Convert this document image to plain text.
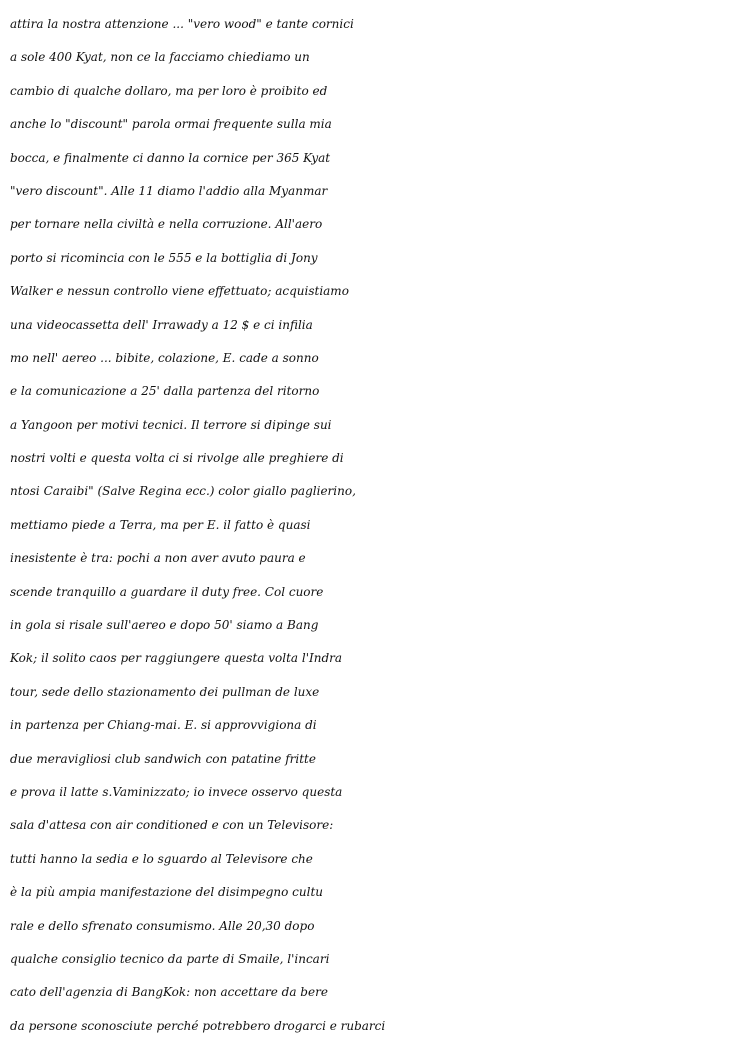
attira la nostra attenzione ... "vero wood" e tante cornici
a sole 400 Kyat, non ce la facciamo chiediamo un
cambio di qualche dollaro, ma per loro è proibito ed
anche lo "discount" parola ormai frequente sulla mia
bocca, e finalmente ci danno la cornice per 365 Kyat
"vero discount". Alle 11 diamo l'addio alla Myanmar
per tornare nella civiltà e nella corruzione. All'aero
porto si ricomincia con le 555 e la bottiglia di Jony
Walker e nessun controllo viene effettuato; acquistiamo
una videocassetta dell' Irrawady a 12 $ e ci infilia
mo nell' aereo ... bibite, colazione, E. cade a sonno
e la comunicazione a 25' dalla partenza del ritorno
a Yangoon per motivi tecnici. Il terrore si dipinge sui
nostri volti e questa volta ci si rivolge alle preghiere di
ntosi Caraibi" (Salve Regina ecc.) color giallo paglierino,
mettiamo piede a Terra, ma per E. il fatto è quasi
inesistente è tra: pochi a non aver avuto paura e
scende tranquillo a guardare il duty free. Col cuore
in gola si risale sull'aereo e dopo 50' siamo a Bang
Kok; il solito caos per raggiungere questa volta l'Indra
tour, sede dello stazionamento dei pullman de luxe
in partenza per Chiang-mai. E. si approvvigiona di
due meravigliosi club sandwich con patatine fritte
e prova il latte s.Vaminizzato; io invece osservo questa
sala d'attesa con air conditioned e con un Televisore:
tutti hanno la sedia e lo sguardo al Televisore che
è la più ampia manifestazione del disimpegno cultu
rale e dello sfrenato consumismo. Alle 20,30 dopo
qualche consiglio tecnico da parte di Smaile, l'incari
cato dell'agenzia di BangKok: non accettare da bere
da persone sconosciute perché potrebbero drogarci e rubarci
